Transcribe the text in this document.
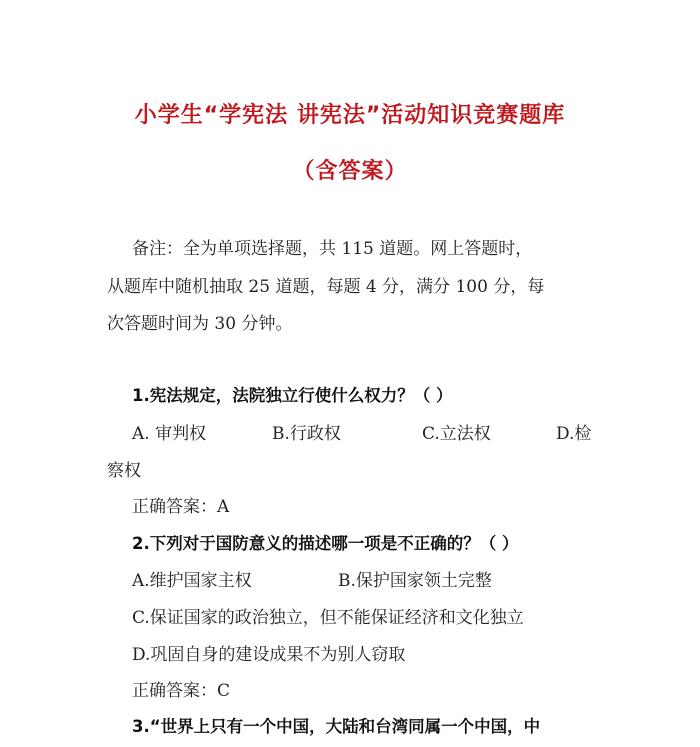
小学生“学宪法 讲宪法”活动知识竞赛题库
（含答案）
备注：全为单项选择题，共 115 道题。网上答题时，
从题库中随机抽取 25 道题，每题 4 分，满分 100 分，每
次答题时间为 30 分钟。
1.宪法规定，法院独立行使什么权力？（ ）
A. 审判权	B.行政权	C.立法权	D.检
察权
正确答案：A
2.下列对于国防意义的描述哪一项是不正确的？（ ）
A.维护国家主权	B.保护国家领土完整
C.保证国家的政治独立，但不能保证经济和文化独立
D.巩固自身的建设成果不为别人窃取
正确答案：C
3.“世界上只有一个中国，大陆和台湾同属一个中国，中
